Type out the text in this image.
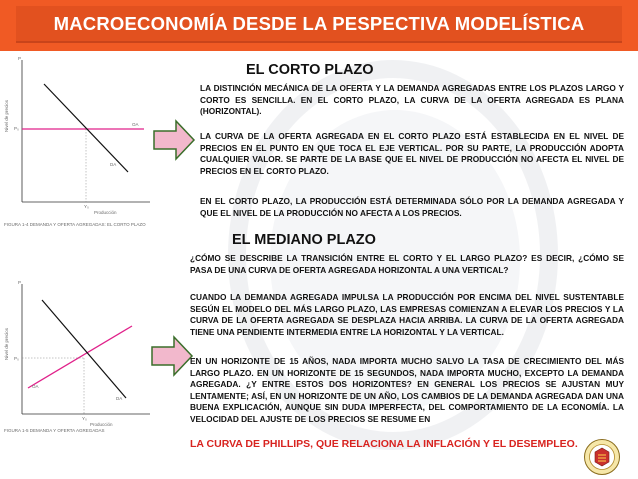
MACROECONOMÍA DESDE LA PESPECTIVA MODELÍSTICA
P
Nivel de precios P₀
OA
DA
Y₀
Producción
FIGURA 1-4 DEMANDA Y OFERTA AGREGADAS: EL CORTO PLAZO
EL CORTO PLAZO
LA DISTINCIÓN MECÁNICA DE LA OFERTA Y LA DEMANDA AGREGADAS ENTRE LOS PLAZOS LARGO Y CORTO ES SENCILLA. EN EL CORTO PLAZO, LA CURVA DE LA OFERTA AGREGADA ES PLANA (HORIZONTAL).
LA CURVA DE LA OFERTA AGREGADA EN EL CORTO PLAZO ESTÁ ESTABLECIDA EN EL NIVEL DE PRECIOS EN EL PUNTO EN QUE TOCA EL EJE VERTICAL. POR SU PARTE, LA PRODUCCIÓN ADOPTA CUALQUIER VALOR. SE PARTE DE LA BASE QUE EL NIVEL DE PRODUCCIÓN NO AFECTA EL NIVEL DE PRECIOS EN EL CORTO PLAZO.
EN EL CORTO PLAZO, LA PRODUCCIÓN ESTÁ DETERMINADA SÓLO POR LA DEMANDA AGREGADA Y QUE EL NIVEL DE LA PRODUCCIÓN NO AFECTA A LOS PRECIOS.
P
Nivel de precios P₀
OA
DA
Y₀
Producción
FIGURA 1-5 DEMANDA Y OFERTA AGREGADAS
EL MEDIANO PLAZO
¿CÓMO SE DESCRIBE LA TRANSICIÓN ENTRE EL CORTO Y EL LARGO PLAZO? ES DECIR, ¿CÓMO SE PASA DE UNA CURVA DE OFERTA AGREGADA HORIZONTAL A UNA VERTICAL?
CUANDO LA DEMANDA AGREGADA IMPULSA LA PRODUCCIÓN POR ENCIMA DEL NIVEL SUSTENTABLE SEGÚN EL MODELO DEL MÁS LARGO PLAZO, LAS EMPRESAS COMIENZAN A ELEVAR LOS PRECIOS Y LA CURVA DE LA OFERTA AGREGADA SE DESPLAZA HACIA ARRIBA. LA CURVA DE LA OFERTA AGREGADA TIENE UNA PENDIENTE INTERMEDIA ENTRE LA HORIZONTAL Y LA VERTICAL.
EN UN HORIZONTE DE 15 AÑOS, NADA IMPORTA MUCHO SALVO LA TASA DE CRECIMIENTO DEL MÁS LARGO PLAZO. EN UN HORIZONTE DE 15 SEGUNDOS, NADA IMPORTA MUCHO, EXCEPTO LA DEMANDA AGREGADA. ¿Y ENTRE ESTOS DOS HORIZONTES? EN GENERAL LOS PRECIOS SE AJUSTAN MUY LENTAMENTE; ASÍ, EN UN HORIZONTE DE UN AÑO, LOS CAMBIOS DE LA DEMANDA AGREGADA DAN UNA BUENA EXPLICACIÓN, AUNQUE SIN DUDA IMPERFECTA, DEL COMPORTAMIENTO DE LA ECONOMÍA. LA VELOCIDAD DEL AJUSTE DE LOS PRECIOS SE RESUME EN
LA CURVA DE PHILLIPS, QUE RELACIONA LA INFLACIÓN Y EL DESEMPLEO.
